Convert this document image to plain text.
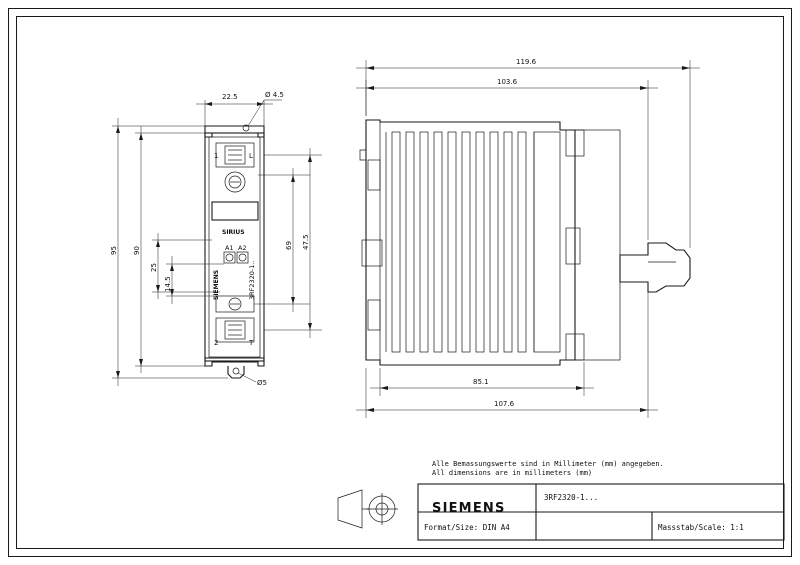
1	L
SIRIUS
A1 A2
SIEMENS	3RF2320-1..
2	T
22.5	Ø 4.5
Ø5
95 90
25
14.5
69 47.5
119.6
103.6
85.1
107.6
Alle Bemassungswerte sind in Millimeter (mm) angegeben.
All dimensions are in millimeters (mm)
SIEMENS
3RF2320-1...
Format/Size: DIN A4	Massstab/Scale: 1:1
